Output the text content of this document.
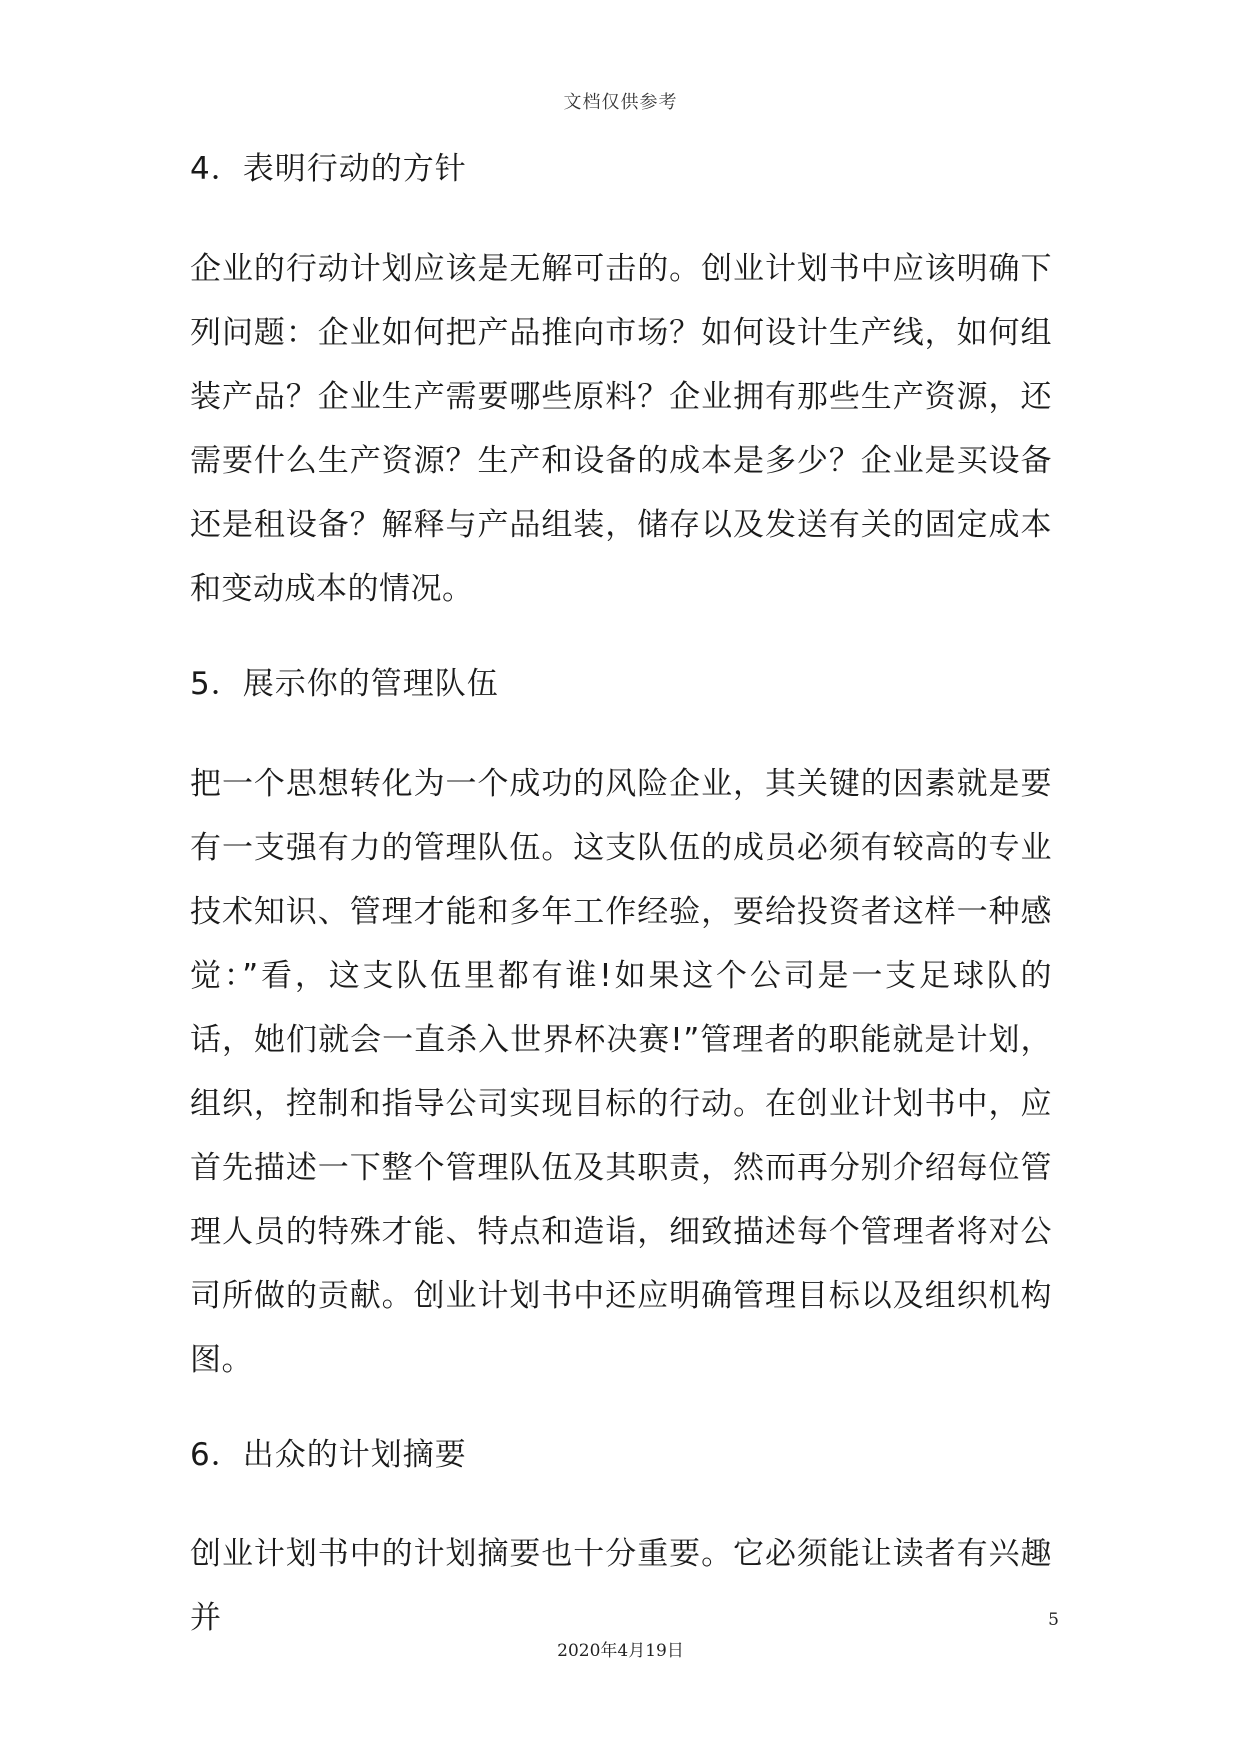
文档仅供参考
4．表明行动的方针

企业的行动计划应该是无解可击的。创业计划书中应该明确下列问题：企业如何把产品推向市场？如何设计生产线，如何组装产品？企业生产需要哪些原料？企业拥有那些生产资源，还需要什么生产资源？生产和设备的成本是多少？企业是买设备还是租设备？解释与产品组装，储存以及发送有关的固定成本和变动成本的情况。

5．展示你的管理队伍

把一个思想转化为一个成功的风险企业，其关键的因素就是要有一支强有力的管理队伍。这支队伍的成员必须有较高的专业技术知识、管理才能和多年工作经验，要给投资者这样一种感觉：”看，这支队伍里都有谁!如果这个公司是一支足球队的话，她们就会一直杀入世界杯决赛!”管理者的职能就是计划，组织，控制和指导公司实现目标的行动。在创业计划书中，应首先描述一下整个管理队伍及其职责，然而再分别介绍每位管理人员的特殊才能、特点和造诣，细致描述每个管理者将对公司所做的贡献。创业计划书中还应明确管理目标以及组织机构图。

6．出众的计划摘要

创业计划书中的计划摘要也十分重要。它必须能让读者有兴趣并	5
2020年4月19日
